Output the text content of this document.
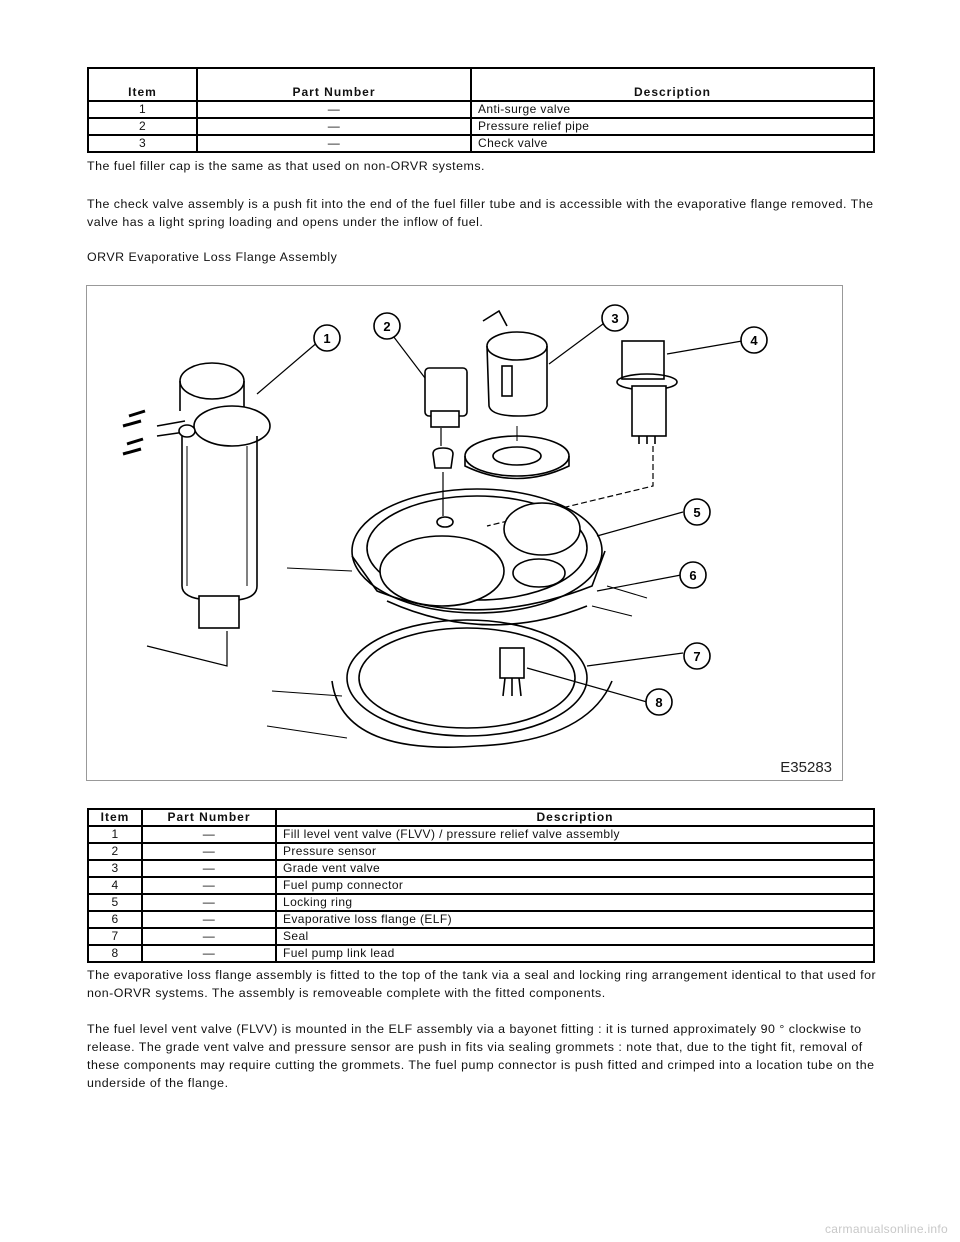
Item	Part Number	Description
1	—	Anti-surge valve
2	—	Pressure relief pipe
3	—	Check valve

The fuel filler cap is the same as that used on non-ORVR systems.

The check valve assembly is a push fit into the end of the fuel filler tube and is accessible with the evaporative flange removed. The valve has a light spring loading and opens under the inflow of fuel.

ORVR Evaporative Loss Flange Assembly

1
2
3
4
5
6
7
8
E35283
Item	Part Number	Description
1	—	Fill level vent valve (FLVV) / pressure relief valve assembly
2	—	Pressure sensor
3	—	Grade vent valve
4	—	Fuel pump connector
5	—	Locking ring
6	—	Evaporative loss flange (ELF)
7	—	Seal
8	—	Fuel pump link lead

The evaporative loss flange assembly is fitted to the top of the tank via a seal and locking ring arrangement identical to that used for non-ORVR systems. The assembly is removeable complete with the fitted components.

The fuel level vent valve (FLVV) is mounted in the ELF assembly via a bayonet fitting : it is turned approximately 90 ° clockwise to release. The grade vent valve and pressure sensor are push in fits via sealing grommets : note that, due to the tight fit, removal of these components may require cutting the grommets. The fuel pump connector is push fitted and crimped into a location tube on the underside of the flange.

carmanualsonline.info
